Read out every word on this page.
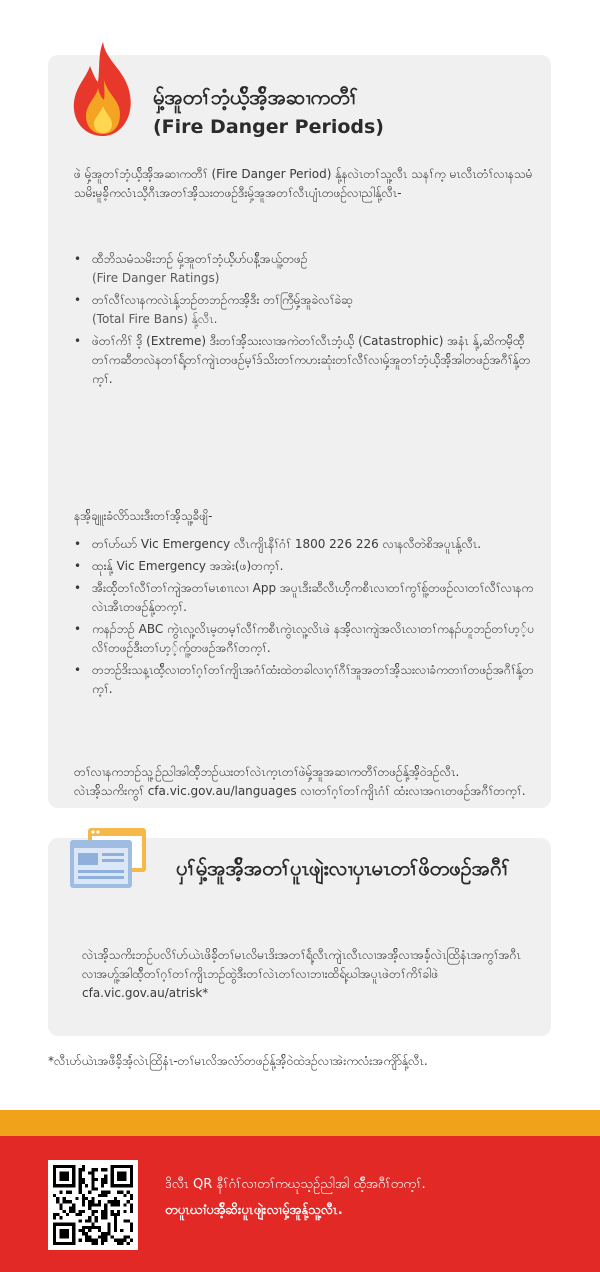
မှ့်အူတၢ်ဘံ့ယိ့်အိ့်အဆၢကတီၢ်
(Fire Danger Periods)
ဖဲ မှ့်အူတၢ်ဘံ့ယိ့်အိ့်အဆၢကတီၢ် (Fire Danger Period) နု့်နလဲၤတၢ်သူ့လီၤ သနၢ်က့ မၤလီၤတံၢ်လၢနသမံသမိးမူခိ့်ကလံၤသီ့ဂီၤအတၢ်အိ့်သးတဖဉ်ဒီးမှ့်အူအတၢ်လီၤပျံၤတဖဉ်လၢညါနု့်လီၤ-
• ထီဘိသမံသမိးဘဉ် မှ့်အူတၢ်ဘံ့ယိ့်ဟ်ပနီ့်အယူ့်တဖဉ်
(Fire Danger Ratings)
• တၢ်လီၢ်လၢနကလဲၤနု့်ဘဉ်တဘဉ်ကအိ့်ဒီး တၢ်ကြီမှ့်အူခဲလၢ်ခဲဆ့
(Total Fire Bans) နု့်လီၤ.
• ဖဲတၢ်ကိၢ် ဒိ့် (Extreme) ဒီးတၢ်အိ့်သးလၢအကဲတၢ်လီၤဘံ့ယိ့် (Catastrophic) အနံၤ နု့်,ဆိကမိ့်ထီ့်တၢ်ကဆီတလဲနတၢ်ရဲ့်တၢ်ကျဲၤတဖဉ်မ့ၢ်ဒ်သိးတၢ်ကဟးဆုံးတၢ်လီၢ်လၢမှ့်အူတၢ်ဘံ့ယိ့်အိ့်အါတဖဉ်အဂီၢ်နု့်တက့ၢ်.
နအိ့်ချူးခံလိာ်သးဒီးတၢ်အိ့်သူ့ခီဖျိ-
• တၢ်ဟ်ဃာ် Vic Emergency လီၤကျိၤနီၢ်ဂံၢ် 1800 226 226 လၢနလီတဲစိအပူၤနု့်လီၤ.
• ထုးနု့် Vic Emergency အအဲး(ဖ)တက့ၢ်.
• အီးထိ့်တၢ်လီၢ်တၢ်ကျဲအတၢ်မၤစၢၤလၢ App အပူၤဒီးဆီလီၤဟိ့်ကစီၤလၢတၢ်ကွၢ်စူ့်တဖဉ်လၢတၢ်လီၢ်လၢနကလဲၤအီၤတဖဉ်နု့်တက့ၢ်.
• ကနၣ်ဘဉ် ABC ကွဲၤလူ့လိၤမ့တမ့ၢ်လီၢ်ကစီၤကွဲၤလူ့လိၤဖဲ နအိ့်လၢကျဲအလိၤလၢတၢ်ကနၣ်ဟူဘဉ်တၢ်ဟ့့်ပလိၢ်တဖဉ်ဒီးတၢ်ဟ့့်ကူ့်တဖဉ်အဂီၢ်တက့ၢ်.
• တဘဉ်ဒိးသန့ၤထီ့်လၢတၢ်ဂ့ၢ်တၢ်ကျိၤအဂံၢ်ထံးထဲတခါလၢဂ့ၢ်ဂီၢ်အူအတၢ်အိ့်သးလၢခံကတၢၢ်တဖဉ်အဂီၢ်နု့်တက့ၢ်.
တၢ်လၢနကဘဉ်သူ့ဉ်ညါအါထီ့်ဘဉ်ယးတၢ်လဲၤက့ၤတၢ်ဖဲမှ့်အူအဆၢကတီၢ်တဖဉ်နု့်အိ့်ဝဲဒဉ်လီၤ.
လဲၤအိ့်သကိးကွၢ် cfa.vic.gov.au/languages လၢတၢ်ဂ့ၢ်တၢ်ကျိၤဂံၢ် ထံးလၢအဂၤတဖဉ်အဂီၢ်တက့ၢ်.
ပှၢ်မှ့်အူအိ့်အတၢ်ပူၤဖျဲးလၢပှၤမၤတၢ်ဖိတဖဉ်အဂီၢ်
လဲၤအိ့်သကိးဘဉ်ပလိၢ်ဟ်ယဲၤဖိခိ့်တၢ်မၤလိမၤဒိးအတၢ်ရဲ့်လီၤကျဲၤလီၤလၢအအိ့်လၢအခံ့်လဲၤထြိနံၤအကွၢ်အဂီၤလၢအဟူ့်အါထီ့်တၢ်ဂ့ၢ်တၢ်ကျိၤဘဉ်ထွဲဒီးတၢ်လဲၤတၢ်လၢဘၢးထိရ့်ဃါအပူၤဖဲတၢ်ကိၢ်ခါဖဲ cfa.vic.gov.au/atrisk*
*လီၤဟ်ယဲၤအဖီခိ့်အံ့်လဲၤထြိနံၤ-တၢ်မၤလိအလံာ်တဖဉ်နု့်အိ့်ဝဲထဲဒဉ်လၢအဲးကလံးအကျိာ်နု့်လီၤ.
ဒိလီၤ QR နီၢ်ဂံၢ်လၢတၢ်ကဃုသ့ဉ်ညါအါ ထီ့်အဂီၢ်တက့ၢ်.
တပူၤဃၢံပအိ့်ဆိးပူၤဖျဲးလၢမှ့်အူနု့်သူ့လီၤ.
